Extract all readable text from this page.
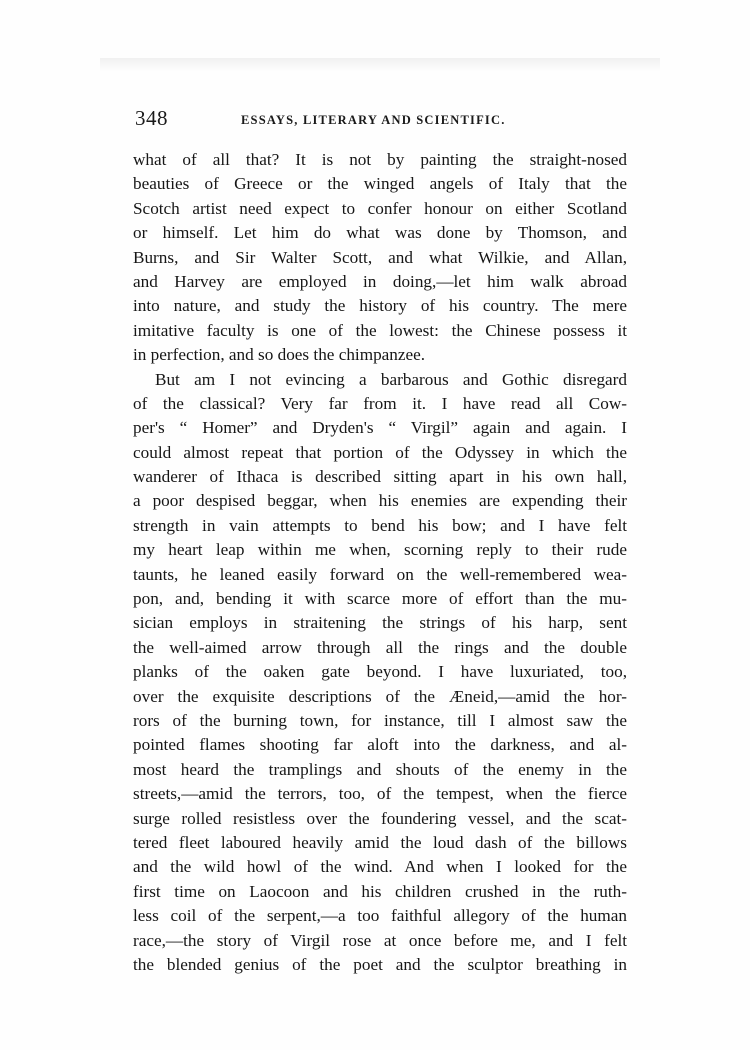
348	ESSAYS, LITERARY AND SCIENTIFIC.
what of all that? It is not by painting the straight-nosed
beauties of Greece or the winged angels of Italy that the
Scotch artist need expect to confer honour on either Scotland
or himself. Let him do what was done by Thomson, and
Burns, and Sir Walter Scott, and what Wilkie, and Allan,
and Harvey are employed in doing,—let him walk abroad
into nature, and study the history of his country. The mere
imitative faculty is one of the lowest: the Chinese possess it
in perfection, and so does the chimpanzee.
But am I not evincing a barbarous and Gothic disregard
of the classical? Very far from it. I have read all Cow-
per's “ Homer” and Dryden's “ Virgil” again and again. I
could almost repeat that portion of the Odyssey in which the
wanderer of Ithaca is described sitting apart in his own hall,
a poor despised beggar, when his enemies are expending their
strength in vain attempts to bend his bow; and I have felt
my heart leap within me when, scorning reply to their rude
taunts, he leaned easily forward on the well-remembered wea-
pon, and, bending it with scarce more of effort than the mu-
sician employs in straitening the strings of his harp, sent
the well-aimed arrow through all the rings and the double
planks of the oaken gate beyond. I have luxuriated, too,
over the exquisite descriptions of the Æneid,—amid the hor-
rors of the burning town, for instance, till I almost saw the
pointed flames shooting far aloft into the darkness, and al-
most heard the tramplings and shouts of the enemy in the
streets,—amid the terrors, too, of the tempest, when the fierce
surge rolled resistless over the foundering vessel, and the scat-
tered fleet laboured heavily amid the loud dash of the billows
and the wild howl of the wind. And when I looked for the
first time on Laocoon and his children crushed in the ruth-
less coil of the serpent,—a too faithful allegory of the human
race,—the story of Virgil rose at once before me, and I felt
the blended genius of the poet and the sculptor breathing in
